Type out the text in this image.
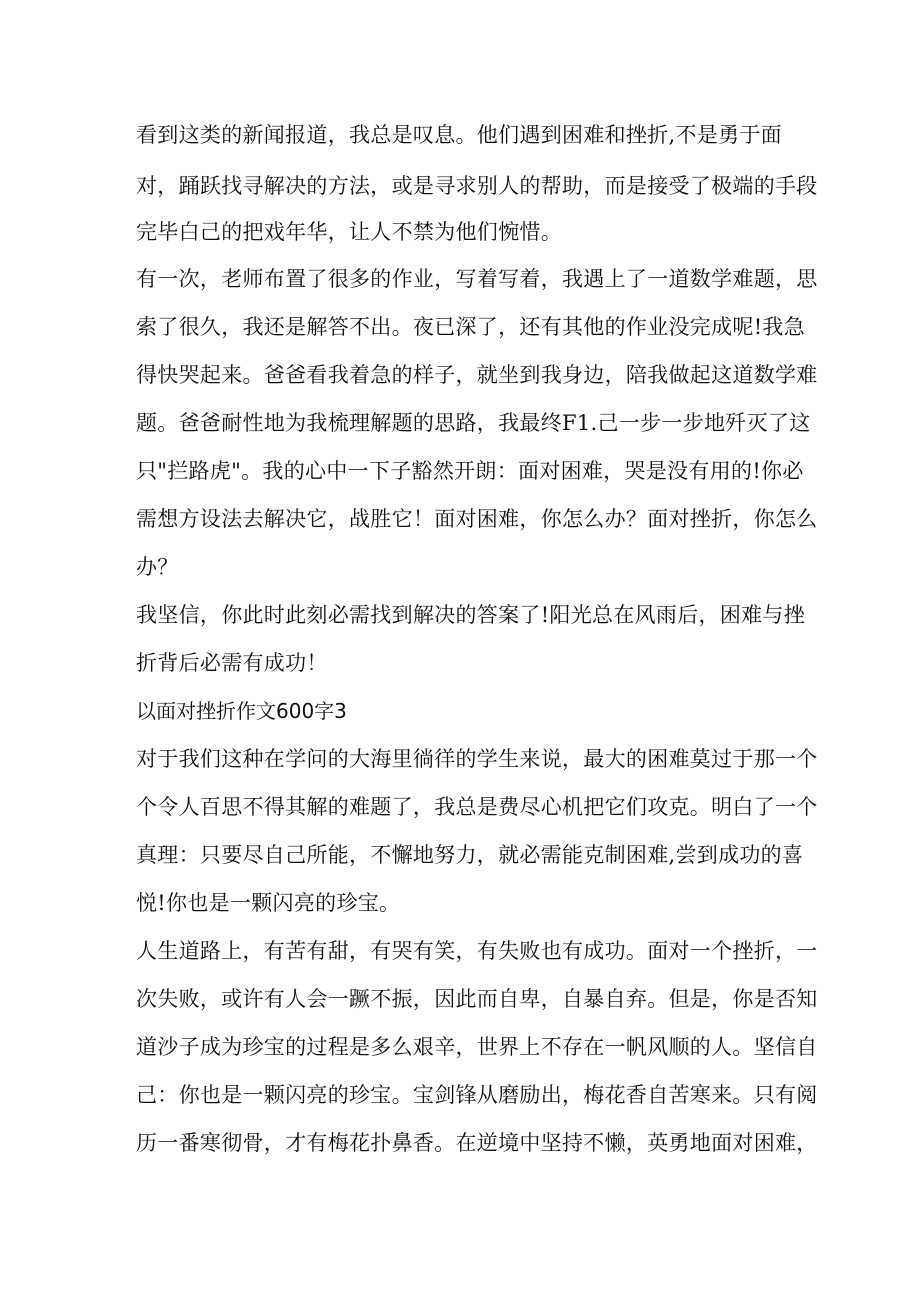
看到这类的新闻报道，我总是叹息。他们遇到困难和挫折,不是勇于面
对，踊跃找寻解决的方法，或是寻求别人的帮助，而是接受了极端的手段
完毕白己的把戏年华，让人不禁为他们惋惜。
有一次，老师布置了很多的作业，写着写着，我遇上了一道数学难题，思
索了很久，我还是解答不出。夜已深了，还有其他的作业没完成呢!我急
得快哭起来。爸爸看我着急的样子，就坐到我身边，陪我做起这道数学难
题。爸爸耐性地为我梳理解题的思路，我最终F1.己一步一步地歼灭了这
只"拦路虎"。我的心中一下子豁然开朗：面对困难，哭是没有用的!你必
需想方设法去解决它，战胜它！面对困难，你怎么办？面对挫折，你怎么
办？
我坚信，你此时此刻必需找到解决的答案了!阳光总在风雨后，困难与挫
折背后必需有成功！
以面对挫折作文600字3
对于我们这种在学问的大海里徜徉的学生来说，最大的困难莫过于那一个
个令人百思不得其解的难题了，我总是费尽心机把它们攻克。明白了一个
真理：只要尽自己所能，不懈地努力，就必需能克制困难,尝到成功的喜
悦!你也是一颗闪亮的珍宝。
人生道路上，有苦有甜，有哭有笑，有失败也有成功。面对一个挫折，一
次失败，或许有人会一蹶不振，因此而自卑，自暴自弃。但是，你是否知
道沙子成为珍宝的过程是多么艰辛，世界上不存在一帆风顺的人。坚信自
己：你也是一颗闪亮的珍宝。宝剑锋从磨励出，梅花香自苦寒来。只有阅
历一番寒彻骨，才有梅花扑鼻香。在逆境中坚持不懒，英勇地面对困难，
